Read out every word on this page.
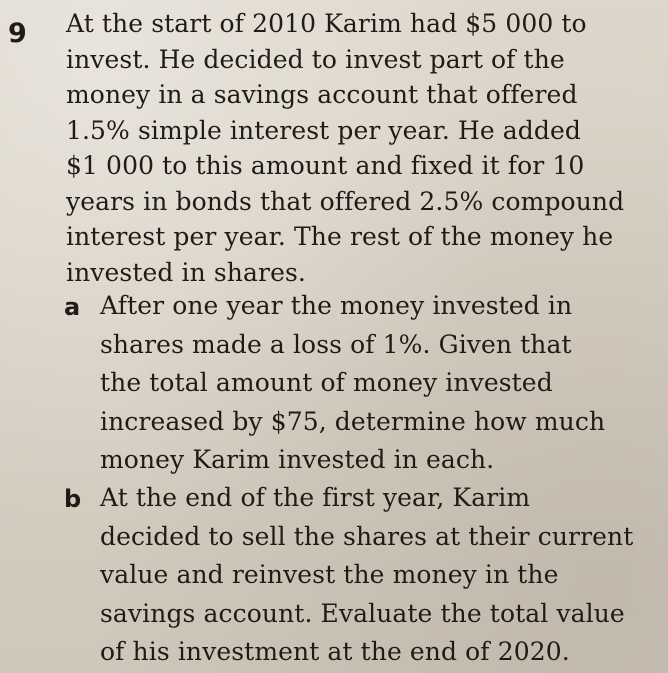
9 At the start of 2010 Karim had $5 000 to
invest. He decided to invest part of the
money in a savings account that offered
1.5% simple interest per year. He added
$1 000 to this amount and fixed it for 10
years in bonds that offered 2.5% compound
interest per year. The rest of the money he
invested in shares.
a After one year the money invested in
shares made a loss of 1%. Given that
the total amount of money invested
increased by $75, determine how much
money Karim invested in each.
b At the end of the first year, Karim
decided to sell the shares at their current
value and reinvest the money in the
savings account. Evaluate the total value
of his investment at the end of 2020.
